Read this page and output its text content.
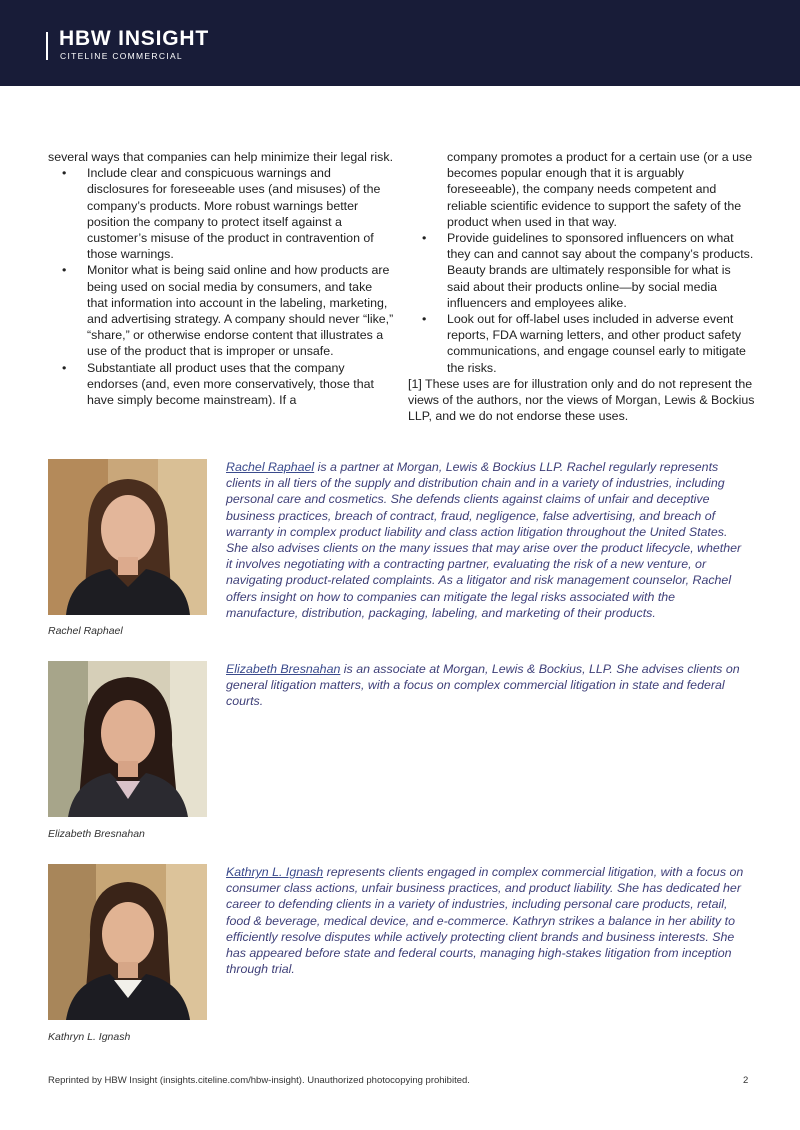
HBW INSIGHT
CITELINE COMMERCIAL

several ways that companies can help minimize their legal risk.

• Include clear and conspicuous warnings and disclosures for foreseeable uses (and misuses) of the company’s products. More robust warnings better position the company to protect itself against a customer’s misuse of the product in contravention of those warnings.
• Monitor what is being said online and how products are being used on social media by consumers, and take that information into account in the labeling, marketing, and advertising strategy. A company should never “like,” “share,” or otherwise endorse content that illustrates a use of the product that is improper or unsafe.
• Substantiate all product uses that the company endorses (and, even more conservatively, those that have simply become mainstream). If a

company promotes a product for a certain use (or a use becomes popular enough that it is arguably foreseeable), the company needs competent and reliable scientific evidence to support the safety of the product when used in that way.

• Provide guidelines to sponsored influencers on what they can and cannot say about the company’s products. Beauty brands are ultimately responsible for what is said about their products online—by social media influencers and employees alike.
• Look out for off-label uses included in adverse event reports, FDA warning letters, and other product safety communications, and engage counsel early to mitigate the risks.

[1] These uses are for illustration only and do not represent the views of the authors, nor the views of Morgan, Lewis & Bockius LLP, and we do not endorse these uses.

Rachel Raphael
Rachel Raphael is a partner at Morgan, Lewis & Bockius LLP. Rachel regularly represents clients in all tiers of the supply and distribution chain and in a variety of industries, including personal care and cosmetics. She defends clients against claims of unfair and deceptive business practices, breach of contract, fraud, negligence, false advertising, and breach of warranty in complex product liability and class action litigation throughout the United States. She also advises clients on the many issues that may arise over the product lifecycle, whether it involves negotiating with a contracting partner, evaluating the risk of a new venture, or navigating product-related complaints. As a litigator and risk management counselor, Rachel offers insight on how to companies can mitigate the legal risks associated with the manufacture, distribution, packaging, labeling, and marketing of their products.
Elizabeth Bresnahan
Elizabeth Bresnahan is an associate at Morgan, Lewis & Bockius, LLP. She advises clients on general litigation matters, with a focus on complex commercial litigation in state and federal courts.
Kathryn L. Ignash
Kathryn L. Ignash represents clients engaged in complex commercial litigation, with a focus on consumer class actions, unfair business practices, and product liability. She has dedicated her career to defending clients in a variety of industries, including personal care products, retail, food & beverage, medical device, and e-commerce. Kathryn strikes a balance in her ability to efficiently resolve disputes while actively protecting client brands and business interests. She has appeared before state and federal courts, managing high-stakes litigation from inception through trial.
Reprinted by HBW Insight (insights.citeline.com/hbw-insight). Unauthorized photocopying prohibited.	2
